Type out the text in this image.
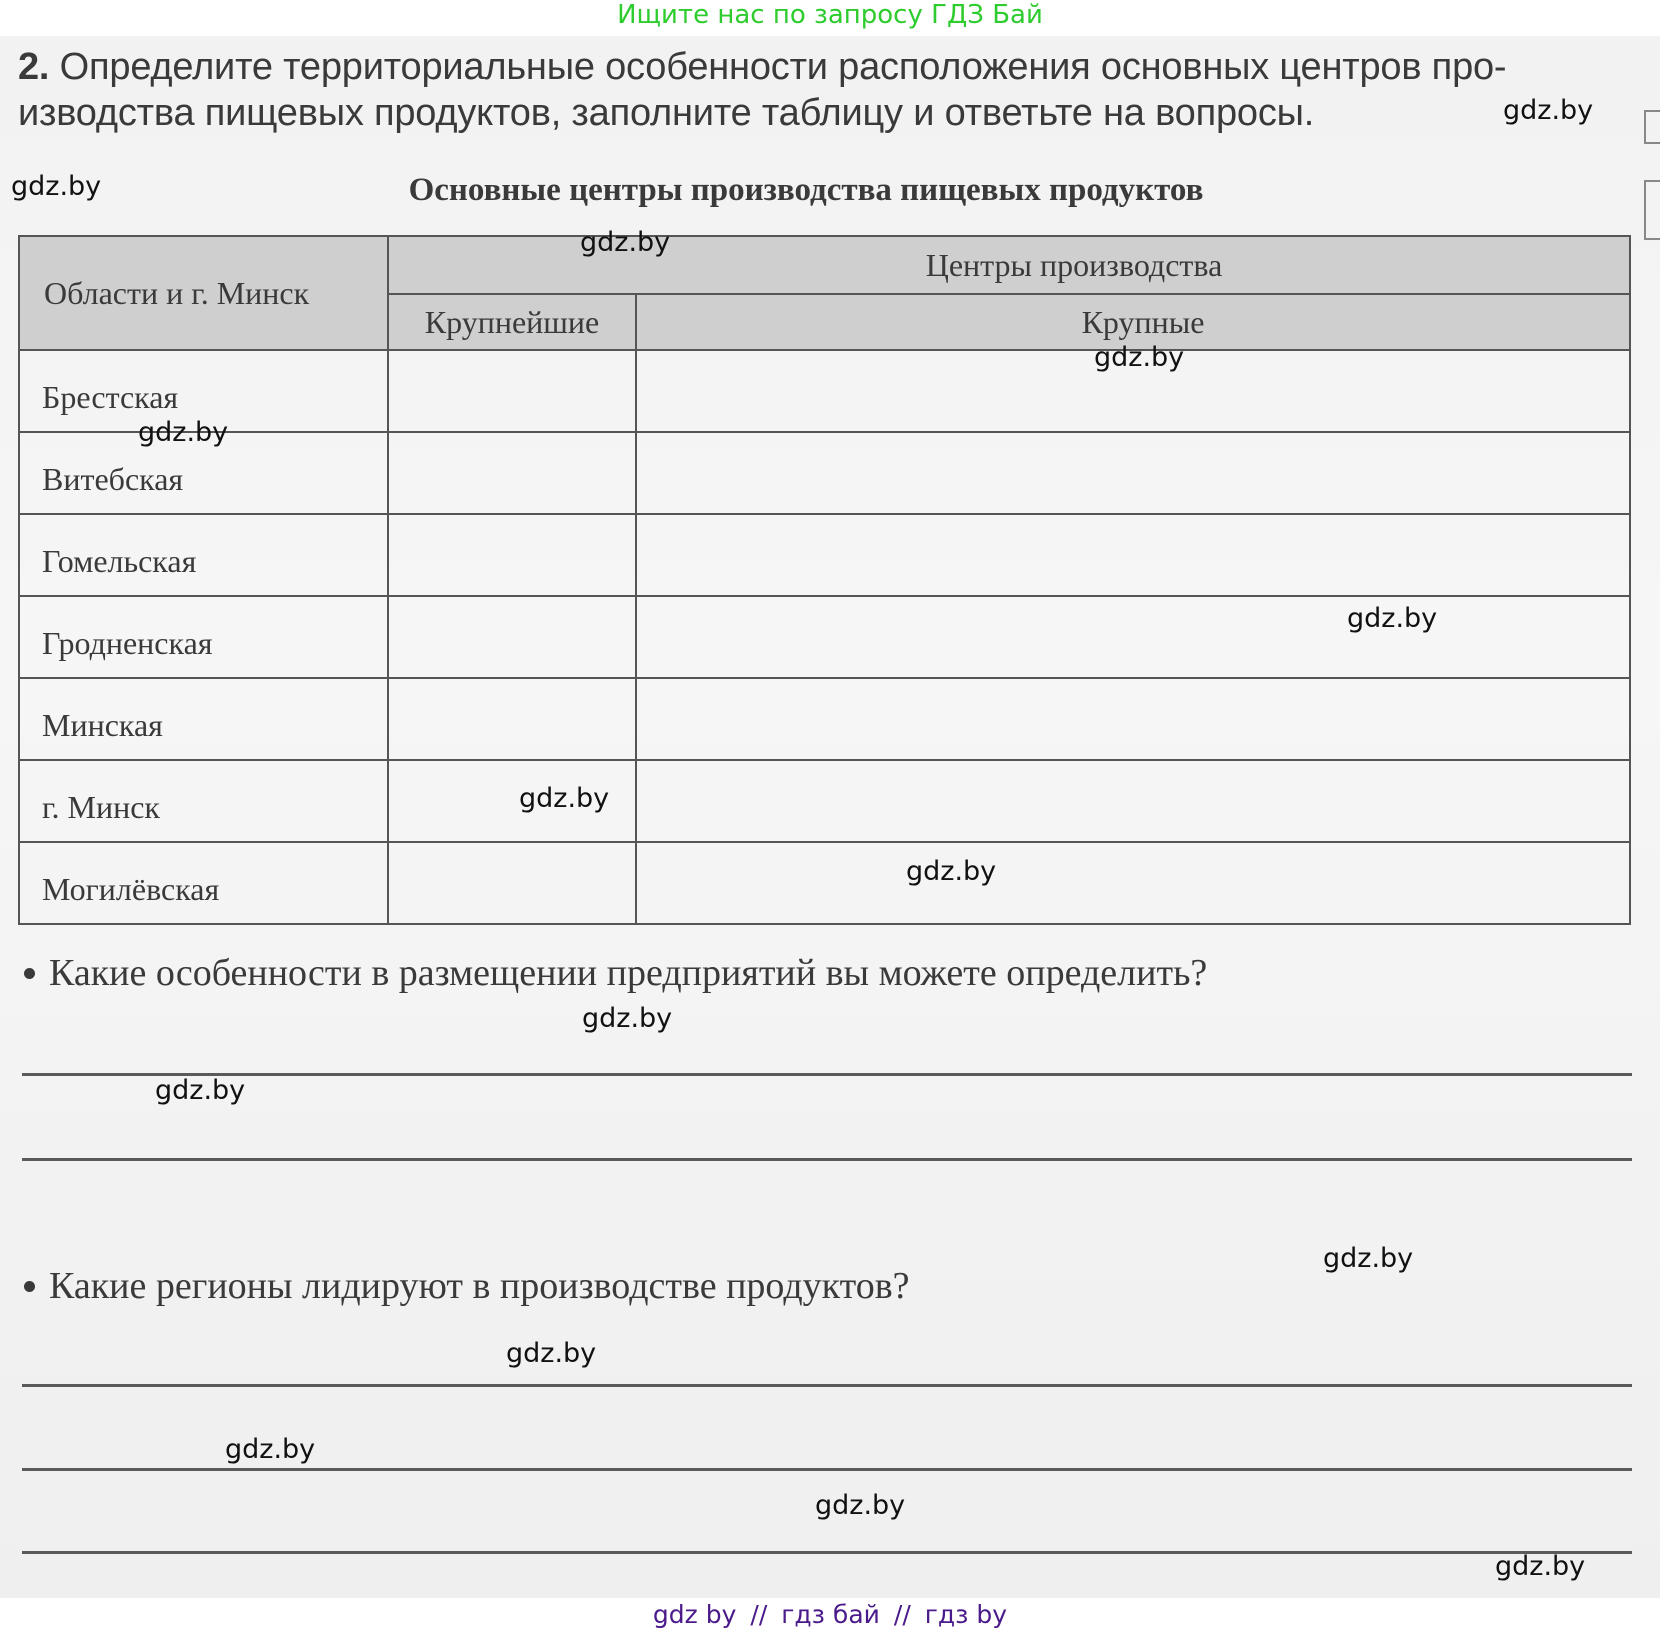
Ищите нас по запросу ГДЗ Бай
2. Определите территориальные особенности расположения основных центров про-
изводства пищевых продуктов, заполните таблицу и ответьте на вопросы.
Основные центры производства пищевых продуктов
Области и г. Минск	Центры производства	
	Крупнейшие	Крупные
Брестская		
Витебская		
Гомельская		
Гродненская		
Минская		
г. Минск		
Могилёвская		
Какие особенности в размещении предприятий вы можете определить?
Какие регионы лидируют в производстве продуктов?
gdz.by
gdz.by
gdz.by
gdz.by
gdz.by
gdz.by
gdz.by
gdz.by
gdz.by
gdz.by
gdz.by
gdz.by
gdz.by
gdz.by
gdz.by
gdz by // гдз бай // гдз by
